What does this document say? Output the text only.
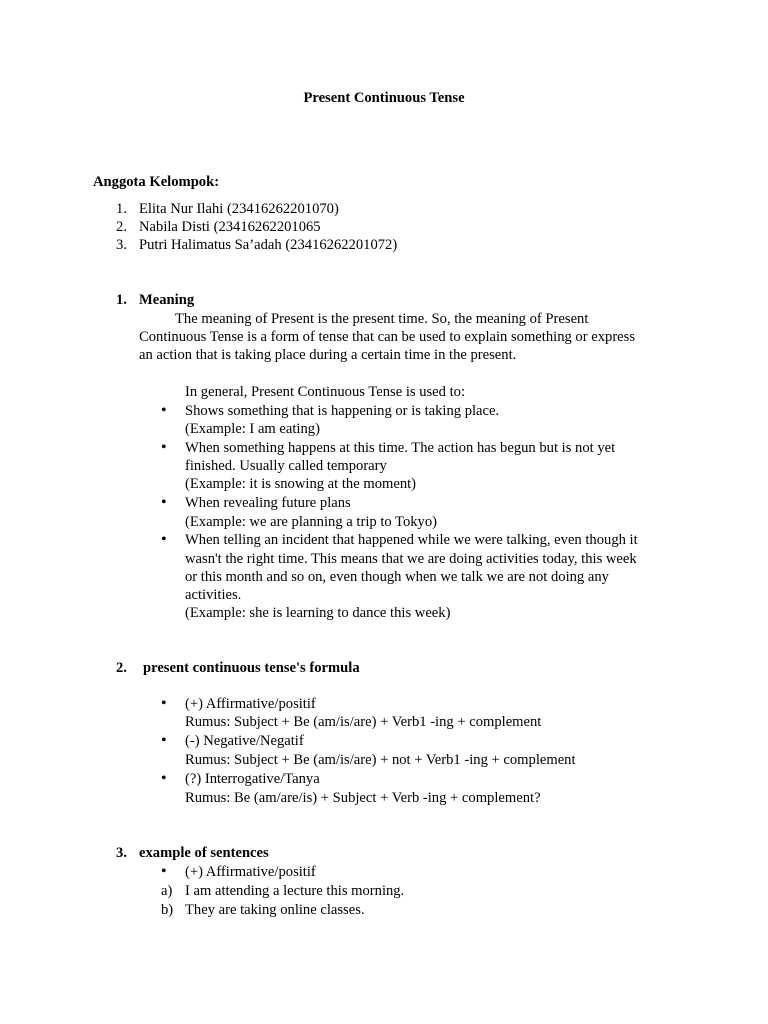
Present Continuous Tense
Anggota Kelompok:
1. Elita Nur Ilahi (23416262201070)
2. Nabila Disti (23416262201065
3. Putri Halimatus Sa’adah (23416262201072)
1. Meaning
The meaning of Present is the present time. So, the meaning of Present
Continuous Tense is a form of tense that can be used to explain something or express
an action that is taking place during a certain time in the present.
In general, Present Continuous Tense is used to:
• Shows something that is happening or is taking place.
(Example: I am eating)
• When something happens at this time. The action has begun but is not yet
finished. Usually called temporary
(Example: it is snowing at the moment)
• When revealing future plans
(Example: we are planning a trip to Tokyo)
• When telling an incident that happened while we were talking, even though it
wasn't the right time. This means that we are doing activities today, this week
or this month and so on, even though when we talk we are not doing any
activities.
(Example: she is learning to dance this week)
2. present continuous tense's formula
• (+) Affirmative/positif
Rumus: Subject + Be (am/is/are) + Verb1 -ing + complement
• (-) Negative/Negatif
Rumus: Subject + Be (am/is/are) + not + Verb1 -ing + complement
• (?) Interrogative/Tanya
Rumus: Be (am/are/is) + Subject + Verb -ing + complement?
3. example of sentences
• (+) Affirmative/positif
a) I am attending a lecture this morning.
b) They are taking online classes.
